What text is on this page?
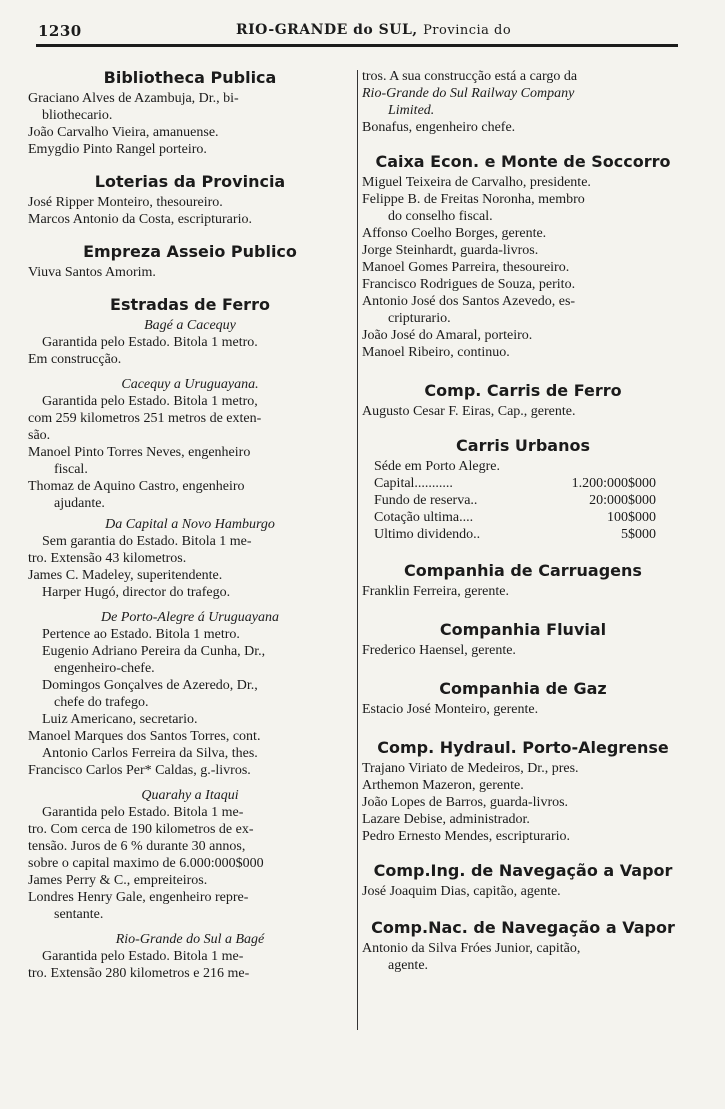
1230	RIO-GRANDE do SUL, Provincia do
Bibliotheca Publica
Graciano Alves de Azambuja, Dr., bi-
bliothecario.
João Carvalho Vieira, amanuense.
Emygdio Pinto Rangel porteiro.
Loterias da Provincia
José Ripper Monteiro, thesoureiro.
Marcos Antonio da Costa, escripturario.
Empreza Asseio Publico
Viuva Santos Amorim.
Estradas de Ferro
Bagé a Cacequy
Garantida pelo Estado. Bitola 1 metro.
Em construcção.
Cacequy a Uruguayana.
Garantida pelo Estado. Bitola 1 metro,
com 259 kilometros 251 metros de exten-
são.
Manoel Pinto Torres Neves, engenheiro
fiscal.
Thomaz de Aquino Castro, engenheiro
ajudante.
Da Capital a Novo Hamburgo
Sem garantia do Estado. Bitola 1 me-
tro. Extensão 43 kilometros.
James C. Madeley, superitendente.
Harper Hugó, director do trafego.
De Porto-Alegre á Uruguayana
Pertence ao Estado. Bitola 1 metro.
Eugenio Adriano Pereira da Cunha, Dr.,
engenheiro-chefe.
Domingos Gonçalves de Azeredo, Dr.,
chefe do trafego.
Luiz Americano, secretario.
Manoel Marques dos Santos Torres, cont.
Antonio Carlos Ferreira da Silva, thes.
Francisco Carlos Per* Caldas, g.-livros.
Quarahy a Itaqui
Garantida pelo Estado. Bitola 1 me-
tro. Com cerca de 190 kilometros de ex-
tensão. Juros de 6 % durante 30 annos,
sobre o capital maximo de 6.000:000$000
James Perry & C., empreiteiros.
Londres Henry Gale, engenheiro repre-
sentante.
Rio-Grande do Sul a Bagé
Garantida pelo Estado. Bitola 1 me-
tro. Extensão 280 kilometros e 216 me-
tros. A sua construcção está a cargo da
Rio-Grande do Sul Railway Company
Limited.
Bonafus, engenheiro chefe.
Caixa Econ. e Monte de Soccorro
Miguel Teixeira de Carvalho, presidente.
Felippe B. de Freitas Noronha, membro
do conselho fiscal.
Affonso Coelho Borges, gerente.
Jorge Steinhardt, guarda-livros.
Manoel Gomes Parreira, thesoureiro.
Francisco Rodrigues de Souza, perito.
Antonio José dos Santos Azevedo, es-
cripturario.
João José do Amaral, porteiro.
Manoel Ribeiro, continuo.
Comp. Carris de Ferro
Augusto Cesar F. Eiras, Cap., gerente.
Carris Urbanos
Séde em Porto Alegre.
Capital...........	1.200:000$000
Fundo de reserva..	20:000$000
Cotação ultima....	100$000
Ultimo dividendo..	5$000
Companhia de Carruagens
Franklin Ferreira, gerente.
Companhia Fluvial
Frederico Haensel, gerente.
Companhia de Gaz
Estacio José Monteiro, gerente.
Comp. Hydraul. Porto-Alegrense
Trajano Viriato de Medeiros, Dr., pres.
Arthemon Mazeron, gerente.
João Lopes de Barros, guarda-livros.
Lazare Debise, administrador.
Pedro Ernesto Mendes, escripturario.
Comp.Ing. de Navegação a Vapor
José Joaquim Dias, capitão, agente.
Comp.Nac. de Navegação a Vapor
Antonio da Silva Fróes Junior, capitão,
agente.
